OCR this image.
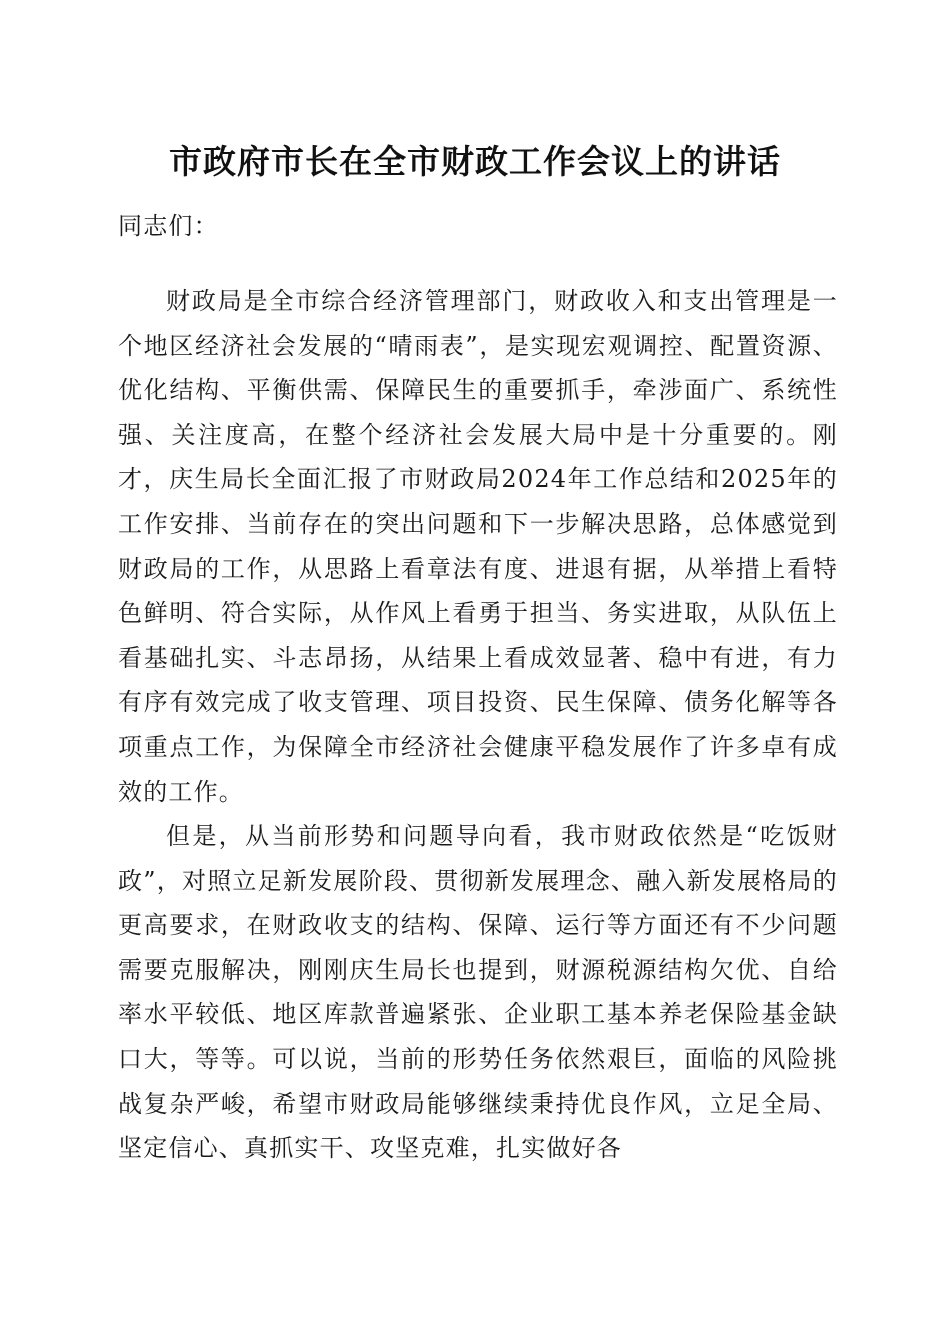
市政府市长在全市财政工作会议上的讲话

同志们：

财政局是全市综合经济管理部门，财政收入和支出管理是一个地区经济社会发展的“晴雨表”，是实现宏观调控、配置资源、优化结构、平衡供需、保障民生的重要抓手，牵涉面广、系统性强、关注度高，在整个经济社会发展大局中是十分重要的。刚才，庆生局长全面汇报了市财政局2024年工作总结和2025年的工作安排、当前存在的突出问题和下一步解决思路，总体感觉到财政局的工作，从思路上看章法有度、进退有据，从举措上看特色鲜明、符合实际，从作风上看勇于担当、务实进取，从队伍上看基础扎实、斗志昂扬，从结果上看成效显著、稳中有进，有力有序有效完成了收支管理、项目投资、民生保障、债务化解等各项重点工作，为保障全市经济社会健康平稳发展作了许多卓有成效的工作。

但是，从当前形势和问题导向看，我市财政依然是“吃饭财政”，对照立足新发展阶段、贯彻新发展理念、融入新发展格局的更高要求，在财政收支的结构、保障、运行等方面还有不少问题需要克服解决，刚刚庆生局长也提到，财源税源结构欠优、自给率水平较低、地区库款普遍紧张、企业职工基本养老保险基金缺口大，等等。可以说，当前的形势任务依然艰巨，面临的风险挑战复杂严峻，希望市财政局能够继续秉持优良作风，立足全局、坚定信心、真抓实干、攻坚克难，扎实做好各
